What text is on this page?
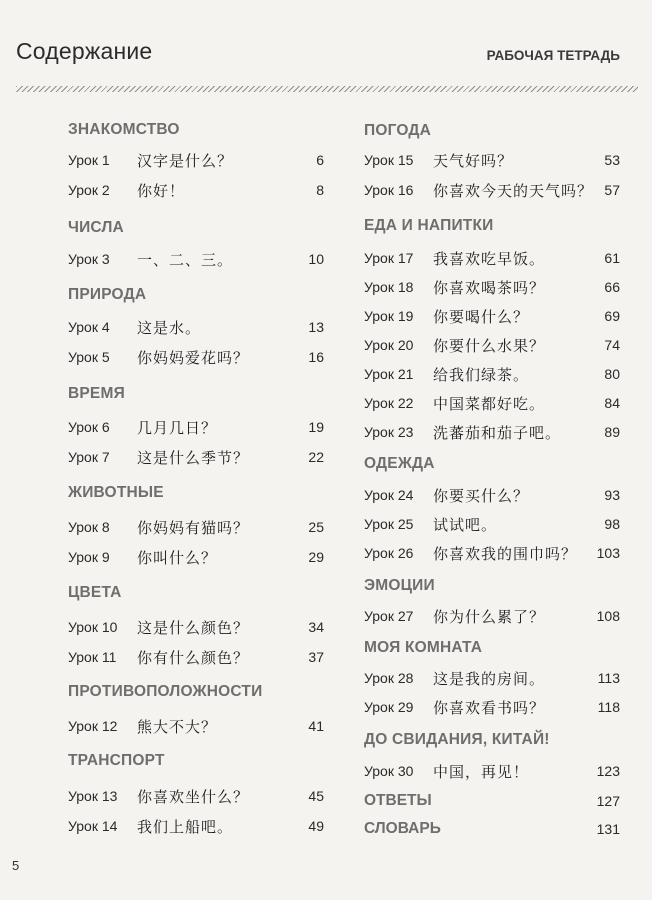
Содержание	РАБОЧАЯ ТЕТРАДЬ
ЗНАКОМСТВО
Урок 1 汉字是什么？	6
Урок 2 你好！	8
ЧИСЛА
Урок 3 一、二、三。	10
ПРИРОДА
Урок 4 这是水。	13
Урок 5 你妈妈爱花吗？	16
ВРЕМЯ
Урок 6 几月几日？	19
Урок 7 这是什么季节？	22
ЖИВОТНЫЕ
Урок 8 你妈妈有猫吗？	25
Урок 9 你叫什么？	29
ЦВЕТА
Урок 10 这是什么颜色？	34
Урок 11 你有什么颜色？	37
ПРОТИВОПОЛОЖНОСТИ
Урок 12 熊大不大？	41
ТРАНСПОРТ
Урок 13 你喜欢坐什么？	45
Урок 14 我们上船吧。	49
ПОГОДА
Урок 15 天气好吗？	53
Урок 16 你喜欢今天的天气吗？ 57
ЕДА И НАПИТКИ
Урок 17 我喜欢吃早饭。	61
Урок 18 你喜欢喝茶吗？	66
Урок 19 你要喝什么？	69
Урок 20 你要什么水果？	74
Урок 21 给我们绿茶。	80
Урок 22 中国菜都好吃。	84
Урок 23 洗蕃茄和茄子吧。	89
ОДЕЖДА
Урок 24 你要买什么？	93
Урок 25 试试吧。	98
Урок 26 你喜欢我的围巾吗？ 103
ЭМОЦИИ
Урок 27 你为什么累了？	108
МОЯ КОМНАТА
Урок 28 这是我的房间。	113
Урок 29 你喜欢看书吗？	118
ДО СВИДАНИЯ, КИТАЙ!
Урок 30 中国，再见！	123
ОТВЕТЫ	127
СЛОВАРЬ	131
5
